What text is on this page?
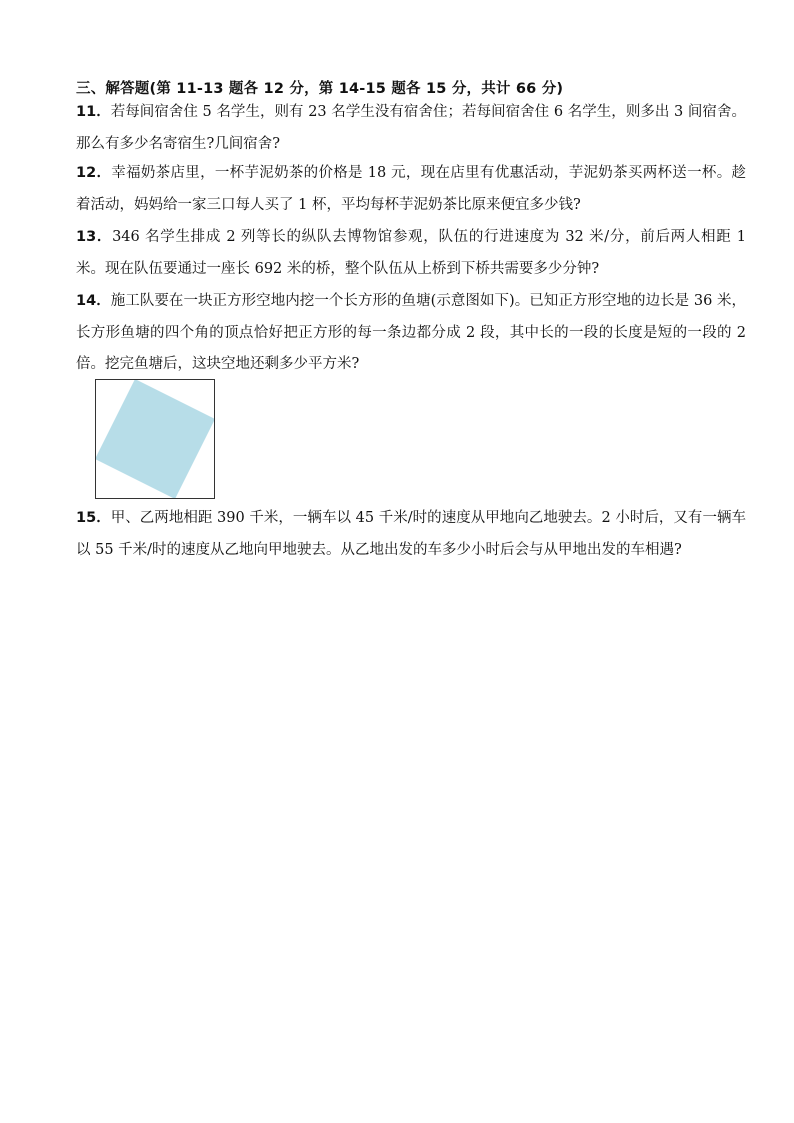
三、解答题(第 11-13 题各 12 分，第 14-15 题各 15 分，共计 66 分)
11．若每间宿舍住 5 名学生，则有 23 名学生没有宿舍住；若每间宿舍住 6 名学生，则多出 3 间宿舍。那么有多少名寄宿生?几间宿舍?
12．幸福奶茶店里，一杯芋泥奶茶的价格是 18 元，现在店里有优惠活动，芋泥奶茶买两杯送一杯。趁着活动，妈妈给一家三口每人买了 1 杯，平均每杯芋泥奶茶比原来便宜多少钱?
13．346 名学生排成 2 列等长的纵队去博物馆参观，队伍的行进速度为 32 米/分，前后两人相距 1 米。现在队伍要通过一座长 692 米的桥，整个队伍从上桥到下桥共需要多少分钟?
14．施工队要在一块正方形空地内挖一个长方形的鱼塘(示意图如下)。已知正方形空地的边长是 36 米，长方形鱼塘的四个角的顶点恰好把正方形的每一条边都分成 2 段，其中长的一段的长度是短的一段的 2 倍。挖完鱼塘后，这块空地还剩多少平方米?
15．甲、乙两地相距 390 千米，一辆车以 45 千米/时的速度从甲地向乙地驶去。2 小时后，又有一辆车以 55 千米/时的速度从乙地向甲地驶去。从乙地出发的车多少小时后会与从甲地出发的车相遇?
